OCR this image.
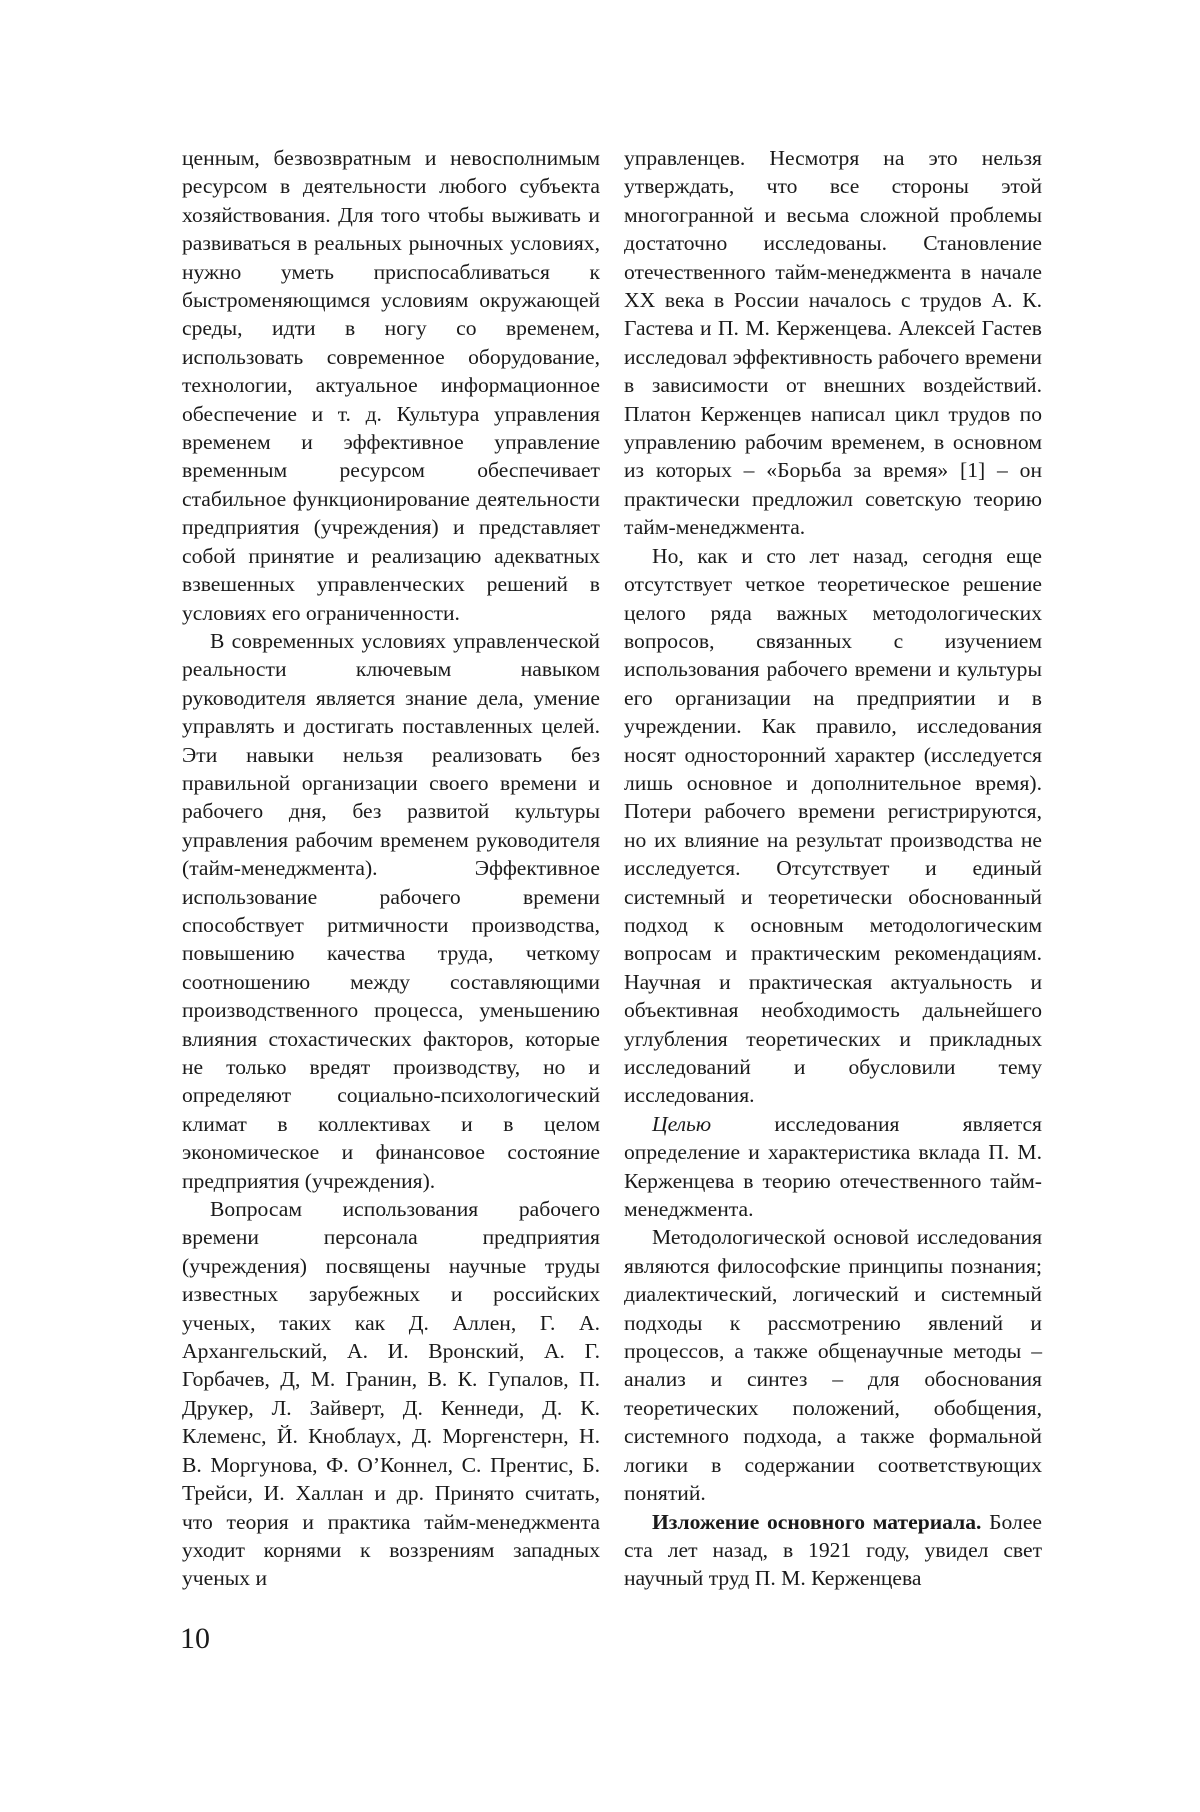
ценным, безвозвратным и невосполнимым ресурсом в деятельности любого субъекта хозяйствования. Для того чтобы выживать и развиваться в реальных рыночных условиях, нужно уметь приспосабливаться к быстроменяющимся условиям окружающей среды, идти в ногу со временем, использовать современное оборудование, технологии, актуальное информационное обеспечение и т. д. Культура управления временем и эффективное управление временным ресурсом обеспечивает стабильное функционирование деятельности предприятия (учреждения) и представляет собой принятие и реализацию адекватных взвешенных управленческих решений в условиях его ограниченности.

В современных условиях управленческой реальности ключевым навыком руководителя является знание дела, умение управлять и достигать поставленных целей. Эти навыки нельзя реализовать без правильной организации своего времени и рабочего дня, без развитой культуры управления рабочим временем руководителя (тайм-менеджмента). Эффективное использование рабочего времени способствует ритмичности производства, повышению качества труда, четкому соотношению между составляющими производственного процесса, уменьшению влияния стохастических факторов, которые не только вредят производству, но и определяют социально-психологический климат в коллективах и в целом экономическое и финансовое состояние предприятия (учреждения).

Вопросам использования рабочего времени персонала предприятия (учреждения) посвящены научные труды известных зарубежных и российских ученых, таких как Д. Аллен, Г. А. Архангельский, А. И. Вронский, А. Г. Горбачев, Д, М. Гранин, В. К. Гупалов, П. Друкер, Л. Зайверт, Д. Кеннеди, Д. К. Клеменс, Й. Кноблаух, Д. Моргенстерн, Н. В. Моргунова, Ф. О’Коннел, С. Прентис, Б. Трейси, И. Халлан и др. Принято считать, что теория и практика тайм-менеджмента уходит корнями к воззрениям западных ученых и

управленцев. Несмотря на это нельзя утверждать, что все стороны этой многогранной и весьма сложной проблемы достаточно исследованы. Становление отечественного тайм-менеджмента в начале XX века в России началось с трудов А. К. Гастева и П. М. Керженцева. Алексей Гастев исследовал эффективность рабочего времени в зависимости от внешних воздействий. Платон Керженцев написал цикл трудов по управлению рабочим временем, в основном из которых – «Борьба за время» [1] – он практически предложил советскую теорию тайм-менеджмента.

Но, как и сто лет назад, сегодня еще отсутствует четкое теоретическое решение целого ряда важных методологических вопросов, связанных с изучением использования рабочего времени и культуры его организации на предприятии и в учреждении. Как правило, исследования носят односторонний характер (исследуется лишь основное и дополнительное время). Потери рабочего времени регистрируются, но их влияние на результат производства не исследуется. Отсутствует и единый системный и теоретически обоснованный подход к основным методологическим вопросам и практическим рекомендациям. Научная и практическая актуальность и объективная необходимость дальнейшего углубления теоретических и прикладных исследований и обусловили тему исследования.

Целью исследования является определение и характеристика вклада П. М. Керженцева в теорию отечественного тайм-менеджмента.

Методологической основой исследования являются философские принципы познания; диалектический, логический и системный подходы к рассмотрению явлений и процессов, а также общенаучные методы – анализ и синтез – для обоснования теоретических положений, обобщения, системного подхода, а также формальной логики в содержании соответствующих понятий.

Изложение основного материала. Более ста лет назад, в 1921 году, увидел свет научный труд П. М. Керженцева

10
